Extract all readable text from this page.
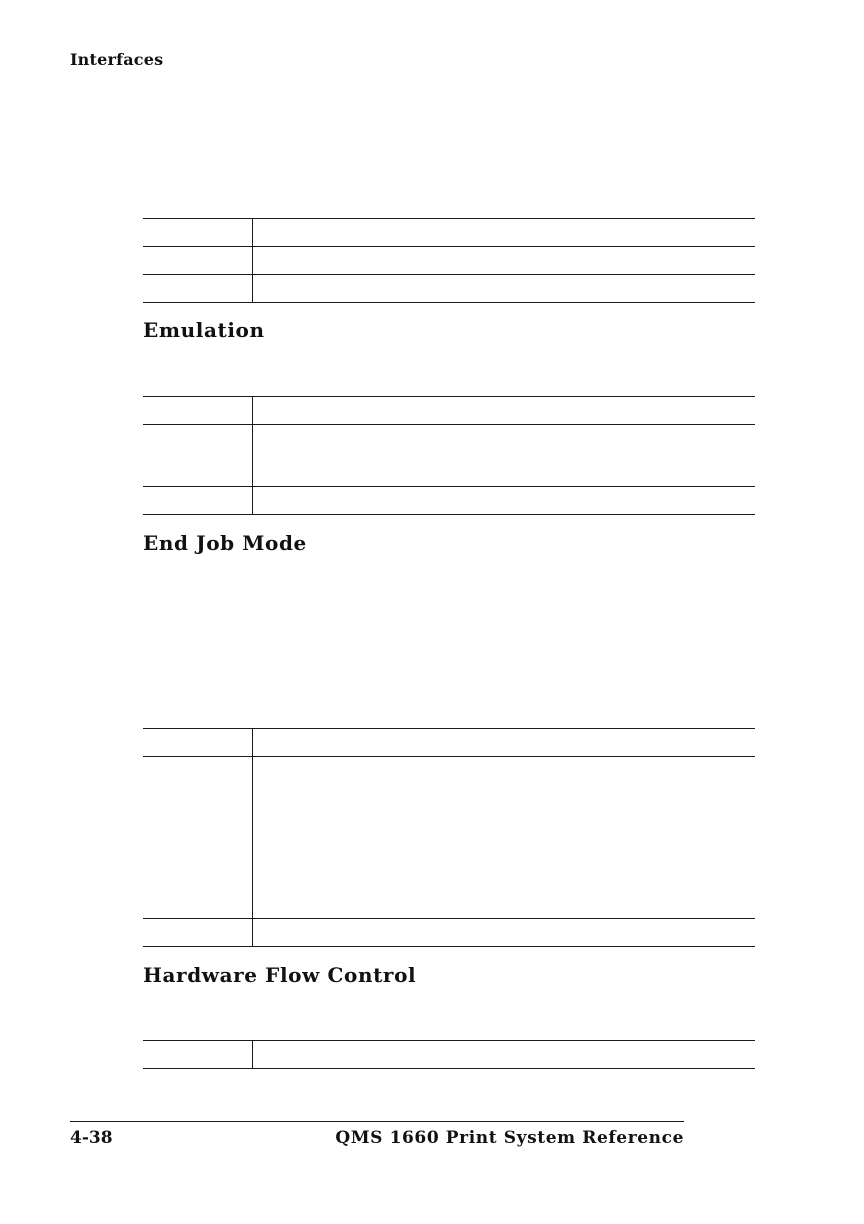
Interfaces

Emulation

End Job Mode

Hardware Flow Control

4-38	QMS 1660 Print System Reference
